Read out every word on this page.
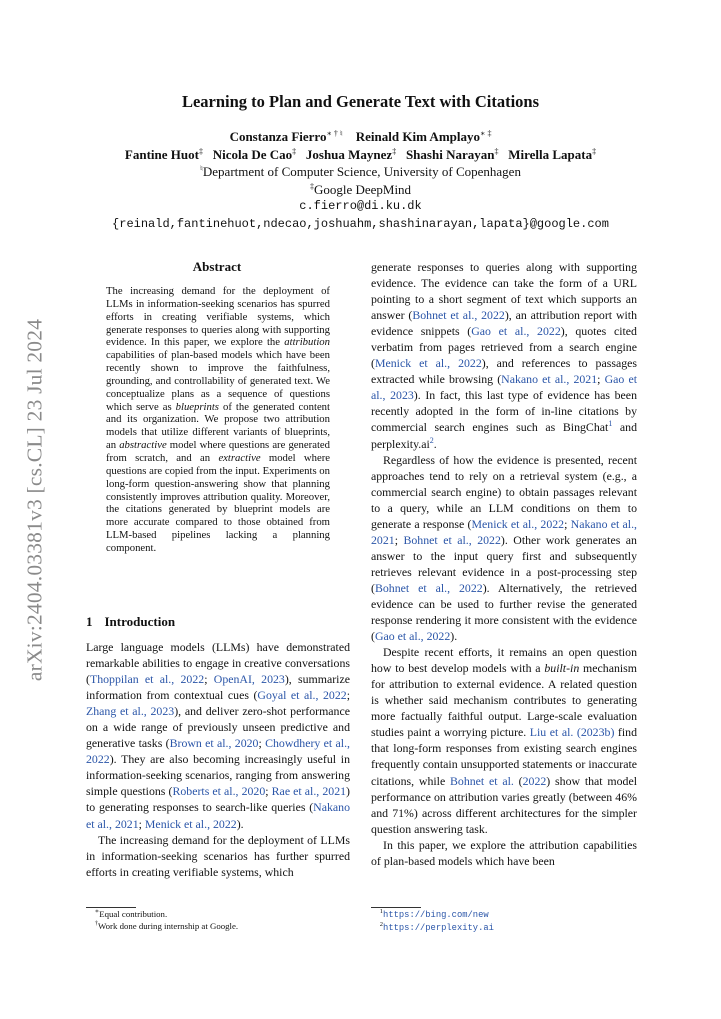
arXiv:2404.03381v3 [cs.CL] 23 Jul 2024
Learning to Plan and Generate Text with Citations
Constanza Fierro∗ † ♮ Reinald Kim Amplayo∗ ‡
Fantine Huot‡ Nicola De Cao‡ Joshua Maynez‡ Shashi Narayan‡ Mirella Lapata‡
♮Department of Computer Science, University of Copenhagen
‡Google DeepMind
c.fierro@di.ku.dk
{reinald,fantinehuot,ndecao,joshuahm,shashinarayan,lapata}@google.com
Abstract
The increasing demand for the deployment of LLMs in information-seeking scenarios has spurred efforts in creating verifiable systems, which generate responses to queries along with supporting evidence. In this paper, we explore the attribution capabilities of plan-based models which have been recently shown to improve the faithfulness, grounding, and controllability of generated text. We conceptualize plans as a sequence of questions which serve as blueprints of the generated content and its organization. We propose two attribution models that utilize different variants of blueprints, an abstractive model where questions are generated from scratch, and an extractive model where questions are copied from the input. Experiments on long-form question-answering show that planning consistently improves attribution quality. Moreover, the citations generated by blueprint models are more accurate compared to those obtained from LLM-based pipelines lacking a planning component.
1 Introduction

Large language models (LLMs) have demonstrated remarkable abilities to engage in creative conversations (Thoppilan et al., 2022; OpenAI, 2023), summarize information from contextual cues (Goyal et al., 2022; Zhang et al., 2023), and deliver zero-shot performance on a wide range of previously unseen predictive and generative tasks (Brown et al., 2020; Chowdhery et al., 2022). They are also becoming increasingly useful in information-seeking scenarios, ranging from answering simple questions (Roberts et al., 2020; Rae et al., 2021) to generating responses to search-like queries (Nakano et al., 2021; Menick et al., 2022).

The increasing demand for the deployment of LLMs in information-seeking scenarios has further spurred efforts in creating verifiable systems, which

generate responses to queries along with supporting evidence. The evidence can take the form of a URL pointing to a short segment of text which supports an answer (Bohnet et al., 2022), an attribution report with evidence snippets (Gao et al., 2022), quotes cited verbatim from pages retrieved from a search engine (Menick et al., 2022), and references to passages extracted while browsing (Nakano et al., 2021; Gao et al., 2023). In fact, this last type of evidence has been recently adopted in the form of in-line citations by commercial search engines such as BingChat$^1$ and $perplexity.ai^2$.

Regardless of how the evidence is presented, recent approaches tend to rely on a retrieval system (e.g., a commercial search engine) to obtain passages relevant to a query, while an LLM conditions on them to generate a response (Menick et al., 2022; Nakano et al., 2021; Bohnet et al., 2022). Other work generates an answer to the input query first and subsequently retrieves relevant evidence in a post-processing step (Bohnet et al., 2022). Alternatively, the retrieved evidence can be used to further revise the generated response rendering it more consistent with the evidence (Gao et al., 2022).

Despite recent efforts, it remains an open question how to best develop models with a built-in mechanism for attribution to external evidence. A related question is whether said mechanism contributes to generating more factually faithful output. Large-scale evaluation studies paint a worrying picture. Liu et al. (2023b) find that long-form responses from existing search engines frequently contain unsupported statements or inaccurate citations, while Bohnet et al. (2022) show that model performance on attribution varies greatly (between 46% and 71%) across different architectures for the simpler question answering task.

In this paper, we explore the attribution capabilities of plan-based models which have been

∗Equal contribution.
†Work done during internship at Google.
$^1$https://bing.com/new
$^2$https://perplexity.ai
